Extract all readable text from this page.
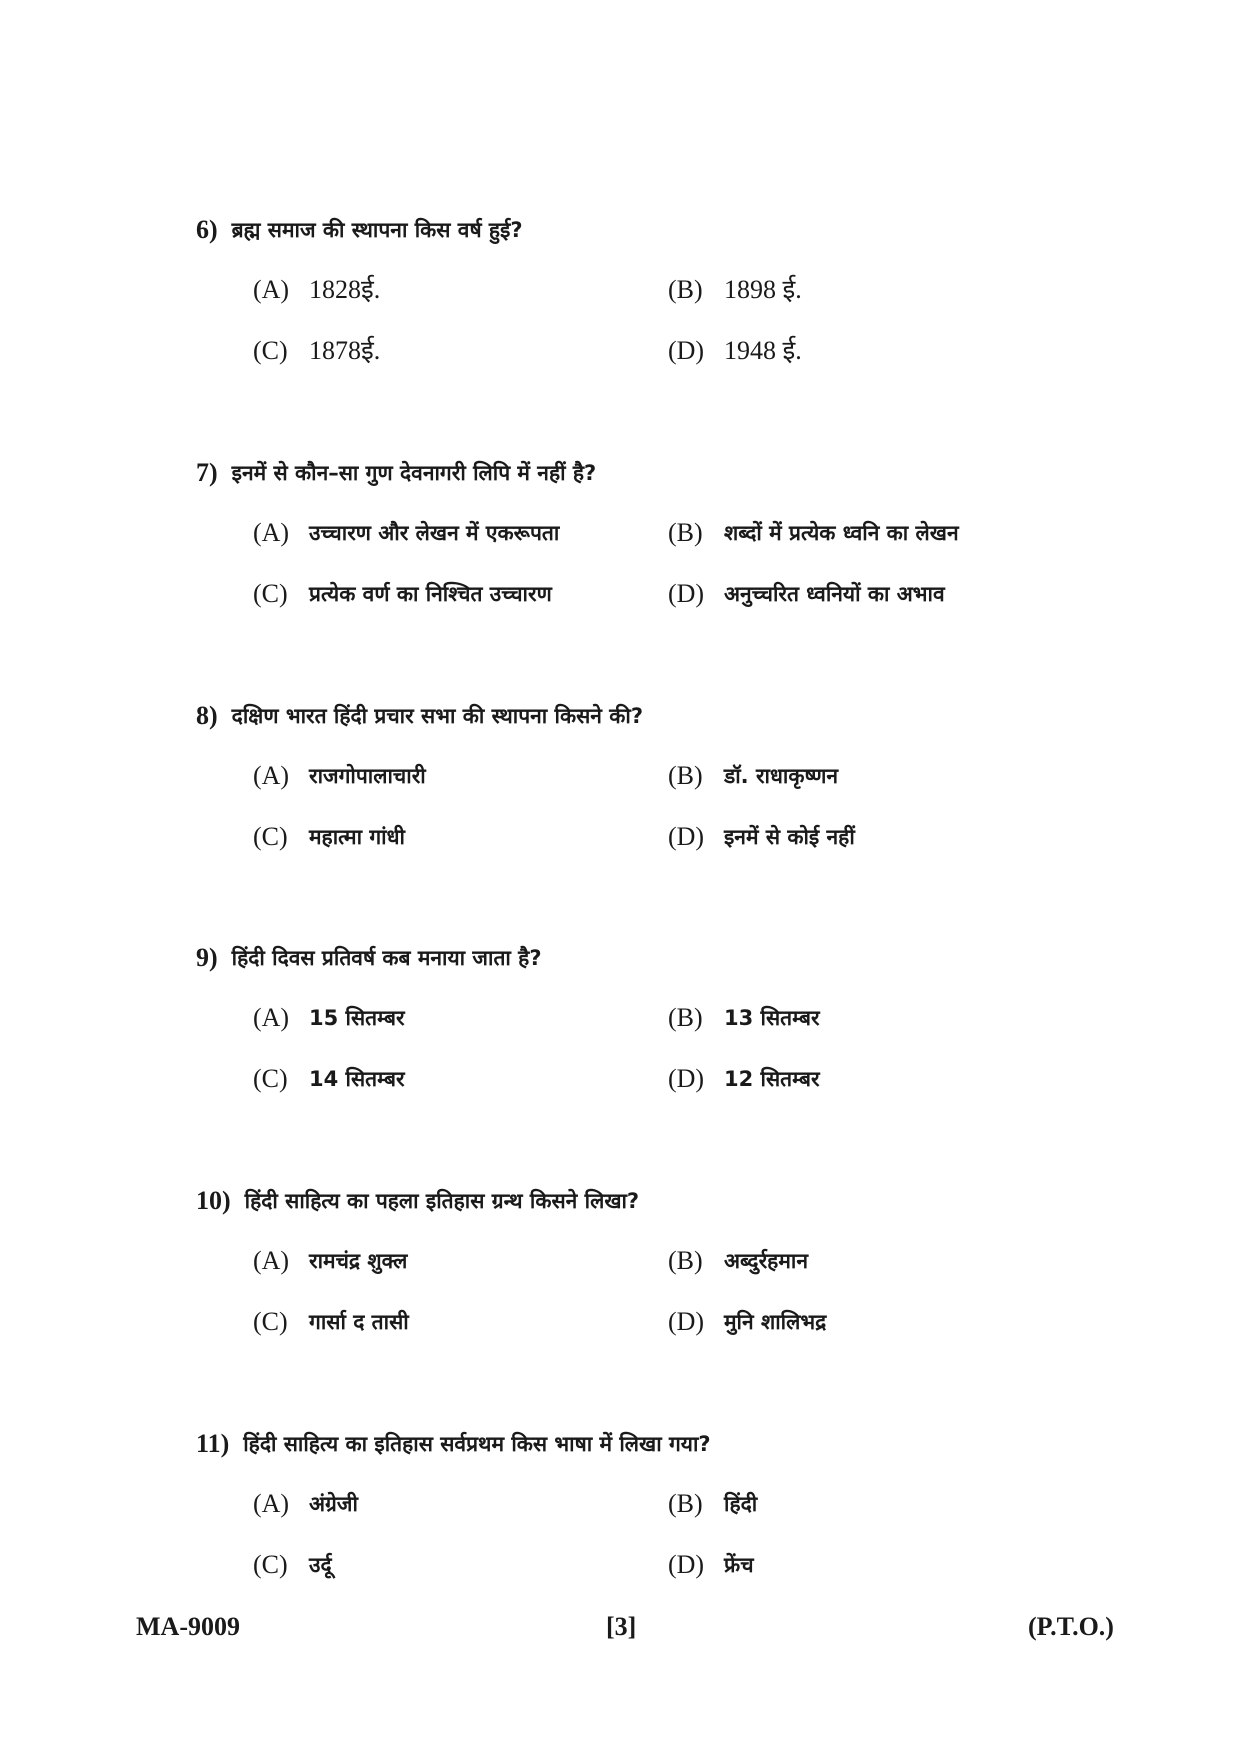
6) ब्रह्म समाज की स्थापना किस वर्ष हुई?
(A) 1828ई.	(B) 1898 ई.
(C) 1878ई.	(D) 1948 ई.
7) इनमें से कौन–सा गुण देवनागरी लिपि में नहीं है?
(A) उच्चारण और लेखन में एकरूपता	(B) शब्दों में प्रत्येक ध्वनि का लेखन
(C) प्रत्येक वर्ण का निश्चित उच्चारण	(D) अनुच्चरित ध्वनियों का अभाव
8) दक्षिण भारत हिंदी प्रचार सभा की स्थापना किसने की?
(A) राजगोपालाचारी	(B) डॉ. राधाकृष्णन
(C) महात्मा गांधी	(D) इनमें से कोई नहीं
9) हिंदी दिवस प्रतिवर्ष कब मनाया जाता है?
(A) 15 सितम्बर	(B) 13 सितम्बर
(C) 14 सितम्बर	(D) 12 सितम्बर
10) हिंदी साहित्य का पहला इतिहास ग्रन्थ किसने लिखा?
(A) रामचंद्र शुक्ल	(B) अब्दुर्रहमान
(C) गार्सा द तासी	(D) मुनि शालिभद्र
11) हिंदी साहित्य का इतिहास सर्वप्रथम किस भाषा में लिखा गया?
(A) अंग्रेजी	(B) हिंदी
(C) उर्दू	(D) फ्रेंच
MA-9009	[3]	(P.T.O.)
